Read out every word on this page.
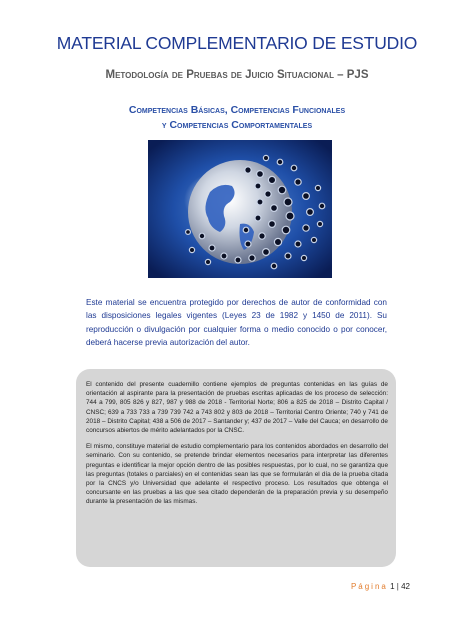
MATERIAL COMPLEMENTARIO DE ESTUDIO
Metodología de Pruebas de Juicio Situacional – PJS
Competencias Básicas, Competencias Funcionales
y Competencias Comportamentales
Este material se encuentra protegido por derechos de autor de conformidad con las disposiciones legales vigentes (Leyes 23 de 1982 y 1450 de 2011). Su reproducción o divulgación por cualquier forma o medio conocido o por conocer, deberá hacerse previa autorización del autor.

El contenido del presente cuadernillo contiene ejemplos de preguntas contenidas en las guías de orientación al aspirante para la presentación de pruebas escritas aplicadas de los proceso de selección: 744 a 799, 805 826 y 827, 987 y 988 de 2018 - Territorial Norte; 806 a 825 de 2018 – Distrito Capital / CNSC; 639 a 733 733 a 739 739 742 a 743 802 y 803 de 2018 – Territorial Centro Oriente; 740 y 741 de 2018 – Distrito Capital; 438 a 506 de 2017 – Santander y; 437 de 2017 – Valle del Cauca; en desarrollo de concursos abiertos de mérito adelantados por la CNSC.

El mismo, constituye material de estudio complementario para los contenidos abordados en desarrollo del seminario. Con su contenido, se pretende brindar elementos necesarios para interpretar las diferentes preguntas e identificar la mejor opción dentro de las posibles respuestas, por lo cual, no se garantiza que las preguntas (totales o parciales) en el contenidas sean las que se formularán el día de la prueba citada por la CNCS y/o Universidad que adelante el respectivo proceso. Los resultados que obtenga el concursante en las pruebas a las que sea citado dependerán de la preparación previa y su desempeño durante la presentación de las mismas.

Página 1 | 42
